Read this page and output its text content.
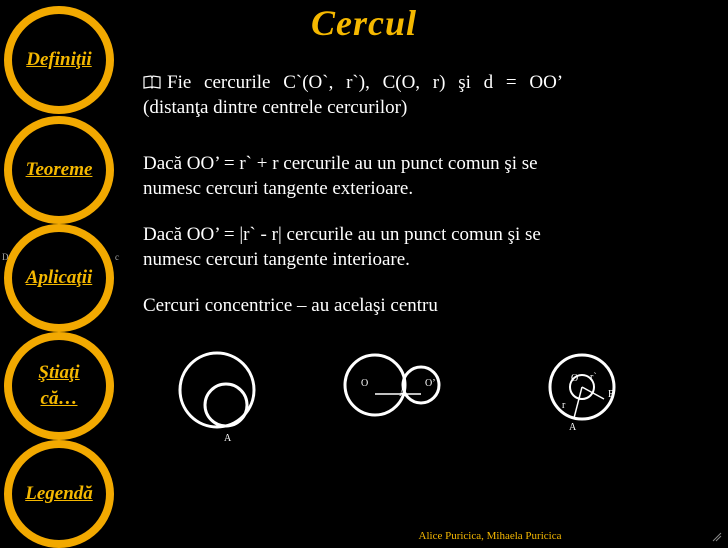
Cercul
Definiţii
Teoreme
Aplicaţii
Ştiaţi
că…
Legendă
D	c
Fie cercurile C`(O`, r`), C(O, r) şi d = OO’
(distanţa dintre centrele cercurilor)
Dacă OO’ = r` + r cercurile au un punct comun şi se
numesc cercuri tangente exterioare.
Dacă OO’ = |r` - r| cercurile au un punct comun şi se
numesc cercuri tangente interioare.
Cercuri concentrice – au acelaşi centru
A
O
A
O’	O r`
r
B
A
Alice Puricica, Mihaela Puricica
